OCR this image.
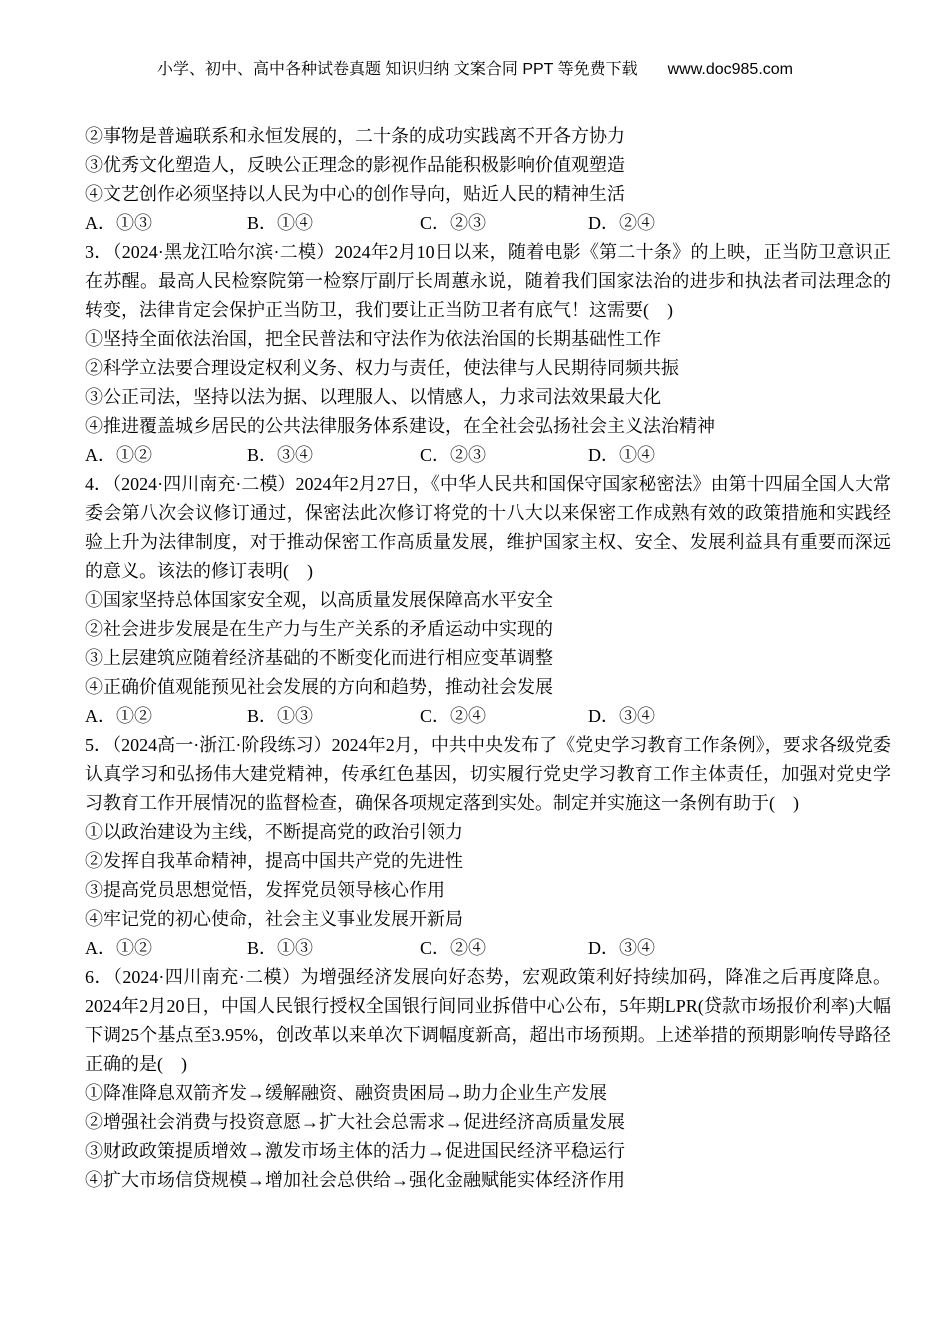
小学、初中、高中各种试卷真题 知识归纳 文案合同 PPT 等免费下载 www.doc985.com

②事物是普遍联系和永恒发展的，二十条的成功实践离不开各方协力

③优秀文化塑造人，反映公正理念的影视作品能积极影响价值观塑造

④文艺创作必须坚持以人民为中心的创作导向，贴近人民的精神生活

A．①③	B．①④	C．②③	D．②④

3．（2024·黑龙江哈尔滨·二模）2024年2月10日以来，随着电影《第二十条》的上映，正当防卫意识正在苏醒。最高人民检察院第一检察厅副厅长周蕙永说，随着我们国家法治的进步和执法者司法理念的转变，法律肯定会保护正当防卫，我们要让正当防卫者有底气！这需要(　)

①坚持全面依法治国，把全民普法和守法作为依法治国的长期基础性工作

②科学立法要合理设定权利义务、权力与责任，使法律与人民期待同频共振

③公正司法，坚持以法为据、以理服人、以情感人，力求司法效果最大化

④推进覆盖城乡居民的公共法律服务体系建设，在全社会弘扬社会主义法治精神

A．①②	B．③④	C．②③	D．①④

4．（2024·四川南充·二模）2024年2月27日，《中华人民共和国保守国家秘密法》由第十四届全国人大常委会第八次会议修订通过，保密法此次修订将党的十八大以来保密工作成熟有效的政策措施和实践经验上升为法律制度，对于推动保密工作高质量发展，维护国家主权、安全、发展利益具有重要而深远的意义。该法的修订表明(　)

①国家坚持总体国家安全观，以高质量发展保障高水平安全

②社会进步发展是在生产力与生产关系的矛盾运动中实现的

③上层建筑应随着经济基础的不断变化而进行相应变革调整

④正确价值观能预见社会发展的方向和趋势，推动社会发展

A．①②	B．①③	C．②④	D．③④

5．（2024高一·浙江·阶段练习）2024年2月，中共中央发布了《党史学习教育工作条例》，要求各级党委认真学习和弘扬伟大建党精神，传承红色基因，切实履行党史学习教育工作主体责任，加强对党史学习教育工作开展情况的监督检查，确保各项规定落到实处。制定并实施这一条例有助于(　)

①以政治建设为主线，不断提高党的政治引领力

②发挥自我革命精神，提高中国共产党的先进性

③提高党员思想觉悟，发挥党员领导核心作用

④牢记党的初心使命，社会主义事业发展开新局

A．①②	B．①③	C．②④	D．③④

6．（2024·四川南充·二模）为增强经济发展向好态势，宏观政策利好持续加码，降准之后再度降息。2024年2月20日，中国人民银行授权全国银行间同业拆借中心公布，5年期LPR(贷款市场报价利率)大幅下调25个基点至3.95%，创改革以来单次下调幅度新高，超出市场预期。上述举措的预期影响传导路径正确的是(　)

①降准降息双箭齐发→缓解融资、融资贵困局→助力企业生产发展

②增强社会消费与投资意愿→扩大社会总需求→促进经济高质量发展

③财政政策提质增效→激发市场主体的活力→促进国民经济平稳运行

④扩大市场信贷规模→增加社会总供给→强化金融赋能实体经济作用
